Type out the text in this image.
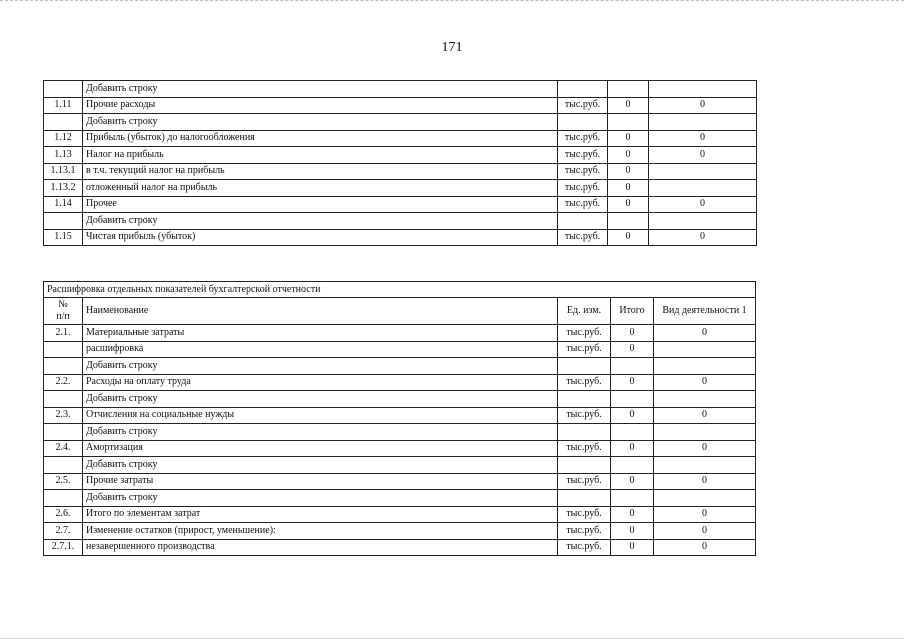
171
	Добавить строку			
1.11	Прочие расходы	тыс.руб.	0	0
	Добавить строку			
1.12	Прибыль (убыток) до налогообложения	тыс.руб.	0	0
1.13	Налог на прибыль	тыс.руб.	0	0
1.13.1	в т.ч. текущий налог на прибыль	тыс.руб.	0	
1.13.2	отложенный налог на прибыль	тыс.руб.	0	
1.14	Прочее	тыс.руб.	0	0
	Добавить строку			
1.15	Чистая прибыль (убыток)	тыс.руб.	0	0
Расшифровка отдельных показателей бухгалтерской отчетности				

№
п/п	Наименование	Ед. изм.	Итого	Вид деятельности 1
2.1.	Материальные затраты	тыс.руб.	0	0
	расшифровка	тыс.руб.	0	
	Добавить строку			
2.2.	Расходы на оплату труда	тыс.руб.	0	0
	Добавить строку			
2.3.	Отчисления на социальные нужды	тыс.руб.	0	0
	Добавить строку			
2.4.	Амортизация	тыс.руб.	0	0
	Добавить строку			
2.5.	Прочие затраты	тыс.руб.	0	0
	Добавить строку			
2.6.	Итого по элементам затрат	тыс.руб.	0	0
2.7.	Изменение остатков (прирост, уменьшение):	тыс.руб.	0	0
2.7.1.	незавершенного производства	тыс.руб.	0	0
